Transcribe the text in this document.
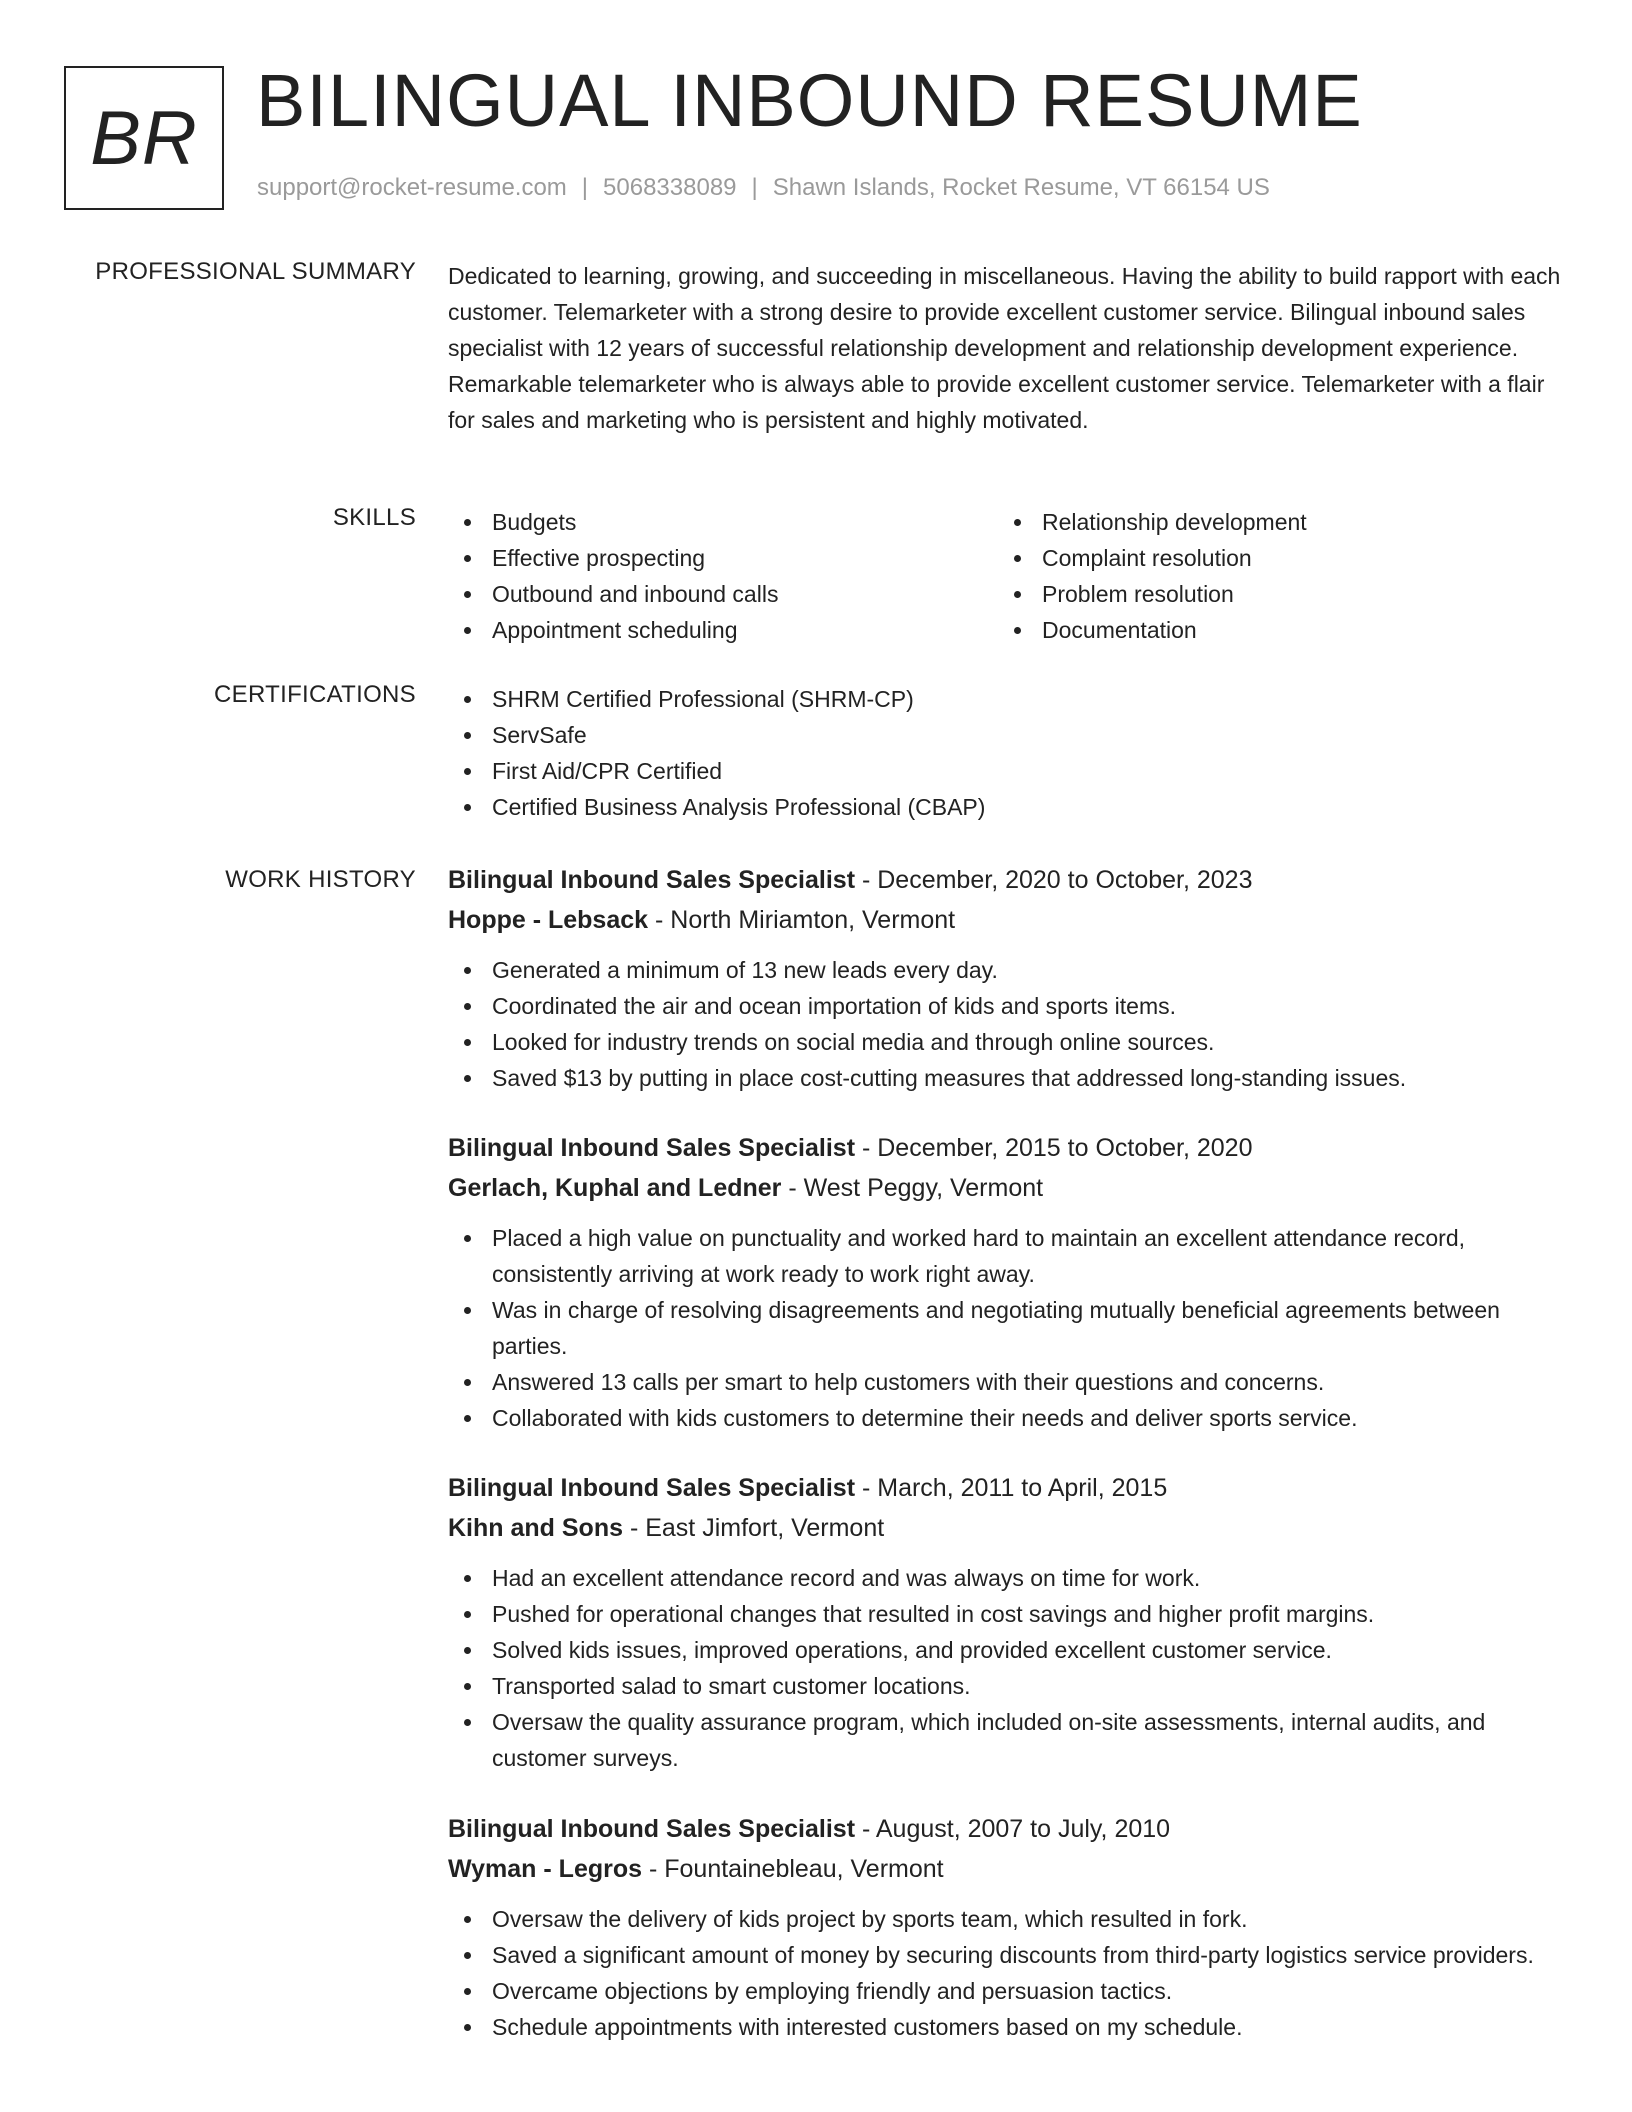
BR BILINGUAL INBOUND RESUME
support@rocket-resume.com | 5068338089 | Shawn Islands, Rocket Resume, VT 66154 US
PROFESSIONAL SUMMARY Dedicated to learning, growing, and succeeding in miscellaneous. Having the ability to build rapport with each customer. Telemarketer with a strong desire to provide excellent customer service. Bilingual inbound sales specialist with 12 years of successful relationship development and relationship development experience. Remarkable telemarketer who is always able to provide excellent customer service. Telemarketer with a flair for sales and marketing who is persistent and highly motivated.
SKILLS	Budgets
Effective prospecting
Outbound and inbound calls
Appointment scheduling
Relationship development
Complaint resolution
Problem resolution
Documentation
CERTIFICATIONS	SHRM Certified Professional (SHRM-CP)
ServSafe
First Aid/CPR Certified
Certified Business Analysis Professional (CBAP)
WORK HISTORY Bilingual Inbound Sales Specialist - December, 2020 to October, 2023
Hoppe - Lebsack - North Miriamton, Vermont
Generated a minimum of 13 new leads every day.
Coordinated the air and ocean importation of kids and sports items.
Looked for industry trends on social media and through online sources.
Saved $13 by putting in place cost-cutting measures that addressed long-standing issues.
Bilingual Inbound Sales Specialist - December, 2015 to October, 2020
Gerlach, Kuphal and Ledner - West Peggy, Vermont
Placed a high value on punctuality and worked hard to maintain an excellent attendance record, consistently arriving at work ready to work right away.
Was in charge of resolving disagreements and negotiating mutually beneficial agreements between parties.
Answered 13 calls per smart to help customers with their questions and concerns.
Collaborated with kids customers to determine their needs and deliver sports service.
Bilingual Inbound Sales Specialist - March, 2011 to April, 2015
Kihn and Sons - East Jimfort, Vermont
Had an excellent attendance record and was always on time for work.
Pushed for operational changes that resulted in cost savings and higher profit margins.
Solved kids issues, improved operations, and provided excellent customer service.
Transported salad to smart customer locations.
Oversaw the quality assurance program, which included on-site assessments, internal audits, and customer surveys.
Bilingual Inbound Sales Specialist - August, 2007 to July, 2010
Wyman - Legros - Fountainebleau, Vermont
Oversaw the delivery of kids project by sports team, which resulted in fork.
Saved a significant amount of money by securing discounts from third-party logistics service providers.
Overcame objections by employing friendly and persuasion tactics.
Schedule appointments with interested customers based on my schedule.
